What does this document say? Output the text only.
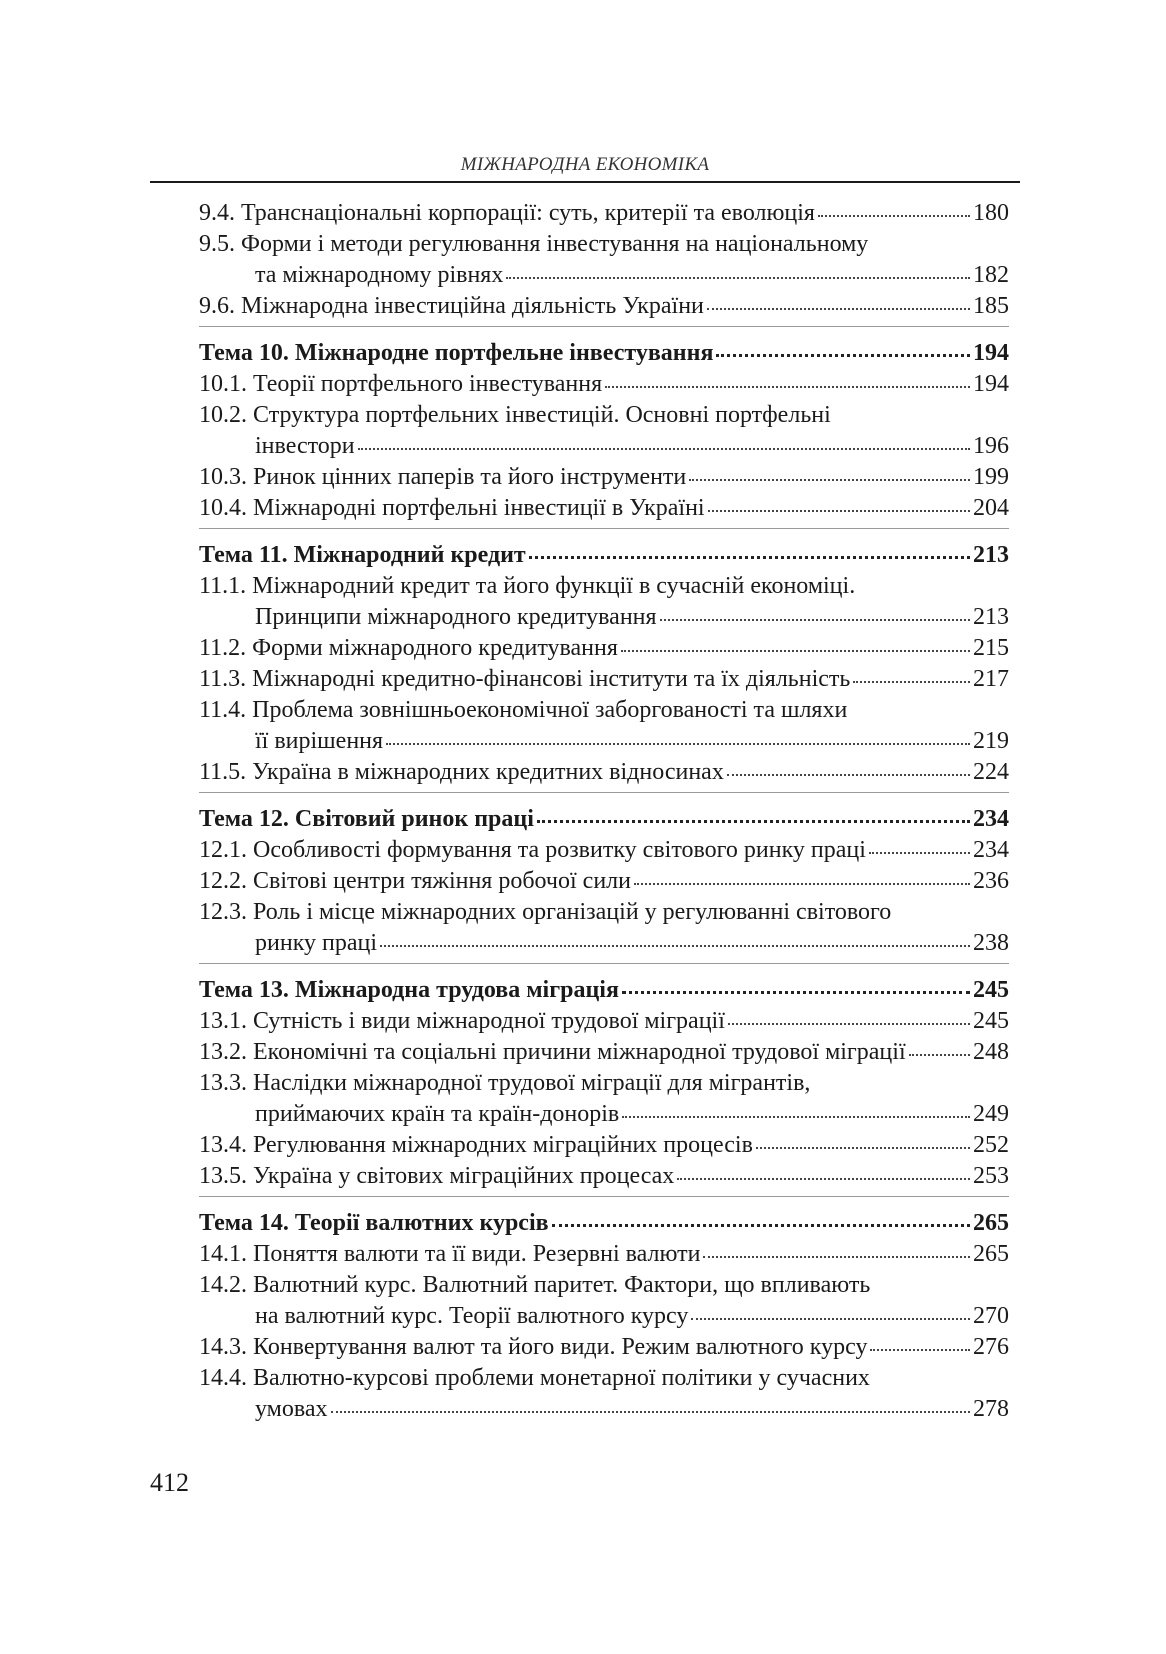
МІЖНАРОДНА ЕКОНОМІКА
9.4. Транснаціональні корпорації: суть, критерії та еволюція	180
9.5. Форми і методи регулювання інвестування на національному
та міжнародному рівнях	182
9.6. Міжнародна інвестиційна діяльність України	185
Тема 10. Міжнародне портфельне інвестування	194
10.1. Теорії портфельного інвестування	194
10.2. Структура портфельних інвестицій. Основні портфельні
інвестори	196
10.3. Ринок цінних паперів та його інструменти	199
10.4. Міжнародні портфельні інвестиції в Україні	204
Тема 11. Міжнародний кредит	213
11.1. Міжнародний кредит та його функції в сучасній економіці.
Принципи міжнародного кредитування	213
11.2. Форми міжнародного кредитування	215
11.3. Міжнародні кредитно-фінансові інститути та їх діяльність	217
11.4. Проблема зовнішньоекономічної заборгованості та шляхи
її вирішення	219
11.5. Україна в міжнародних кредитних відносинах	224
Тема 12. Світовий ринок праці	234
12.1. Особливості формування та розвитку світового ринку праці	234
12.2. Світові центри тяжіння робочої сили	236
12.3. Роль і місце міжнародних організацій у регулюванні світового
ринку праці	238
Тема 13. Міжнародна трудова міграція	245
13.1. Сутність і види міжнародної трудової міграції	245
13.2. Економічні та соціальні причини міжнародної трудової міграції	248
13.3. Наслідки міжнародної трудової міграції для мігрантів,
приймаючих країн та країн-донорів	249
13.4. Регулювання міжнародних міграційних процесів	252
13.5. Україна у світових міграційних процесах	253
Тема 14. Теорії валютних курсів	265
14.1. Поняття валюти та її види. Резервні валюти	265
14.2. Валютний курс. Валютний паритет. Фактори, що впливають
на валютний курс. Теорії валютного курсу	270
14.3. Конвертування валют та його види. Режим валютного курсу	276
14.4. Валютно-курсові проблеми монетарної політики у сучасних
умовах	278
412
